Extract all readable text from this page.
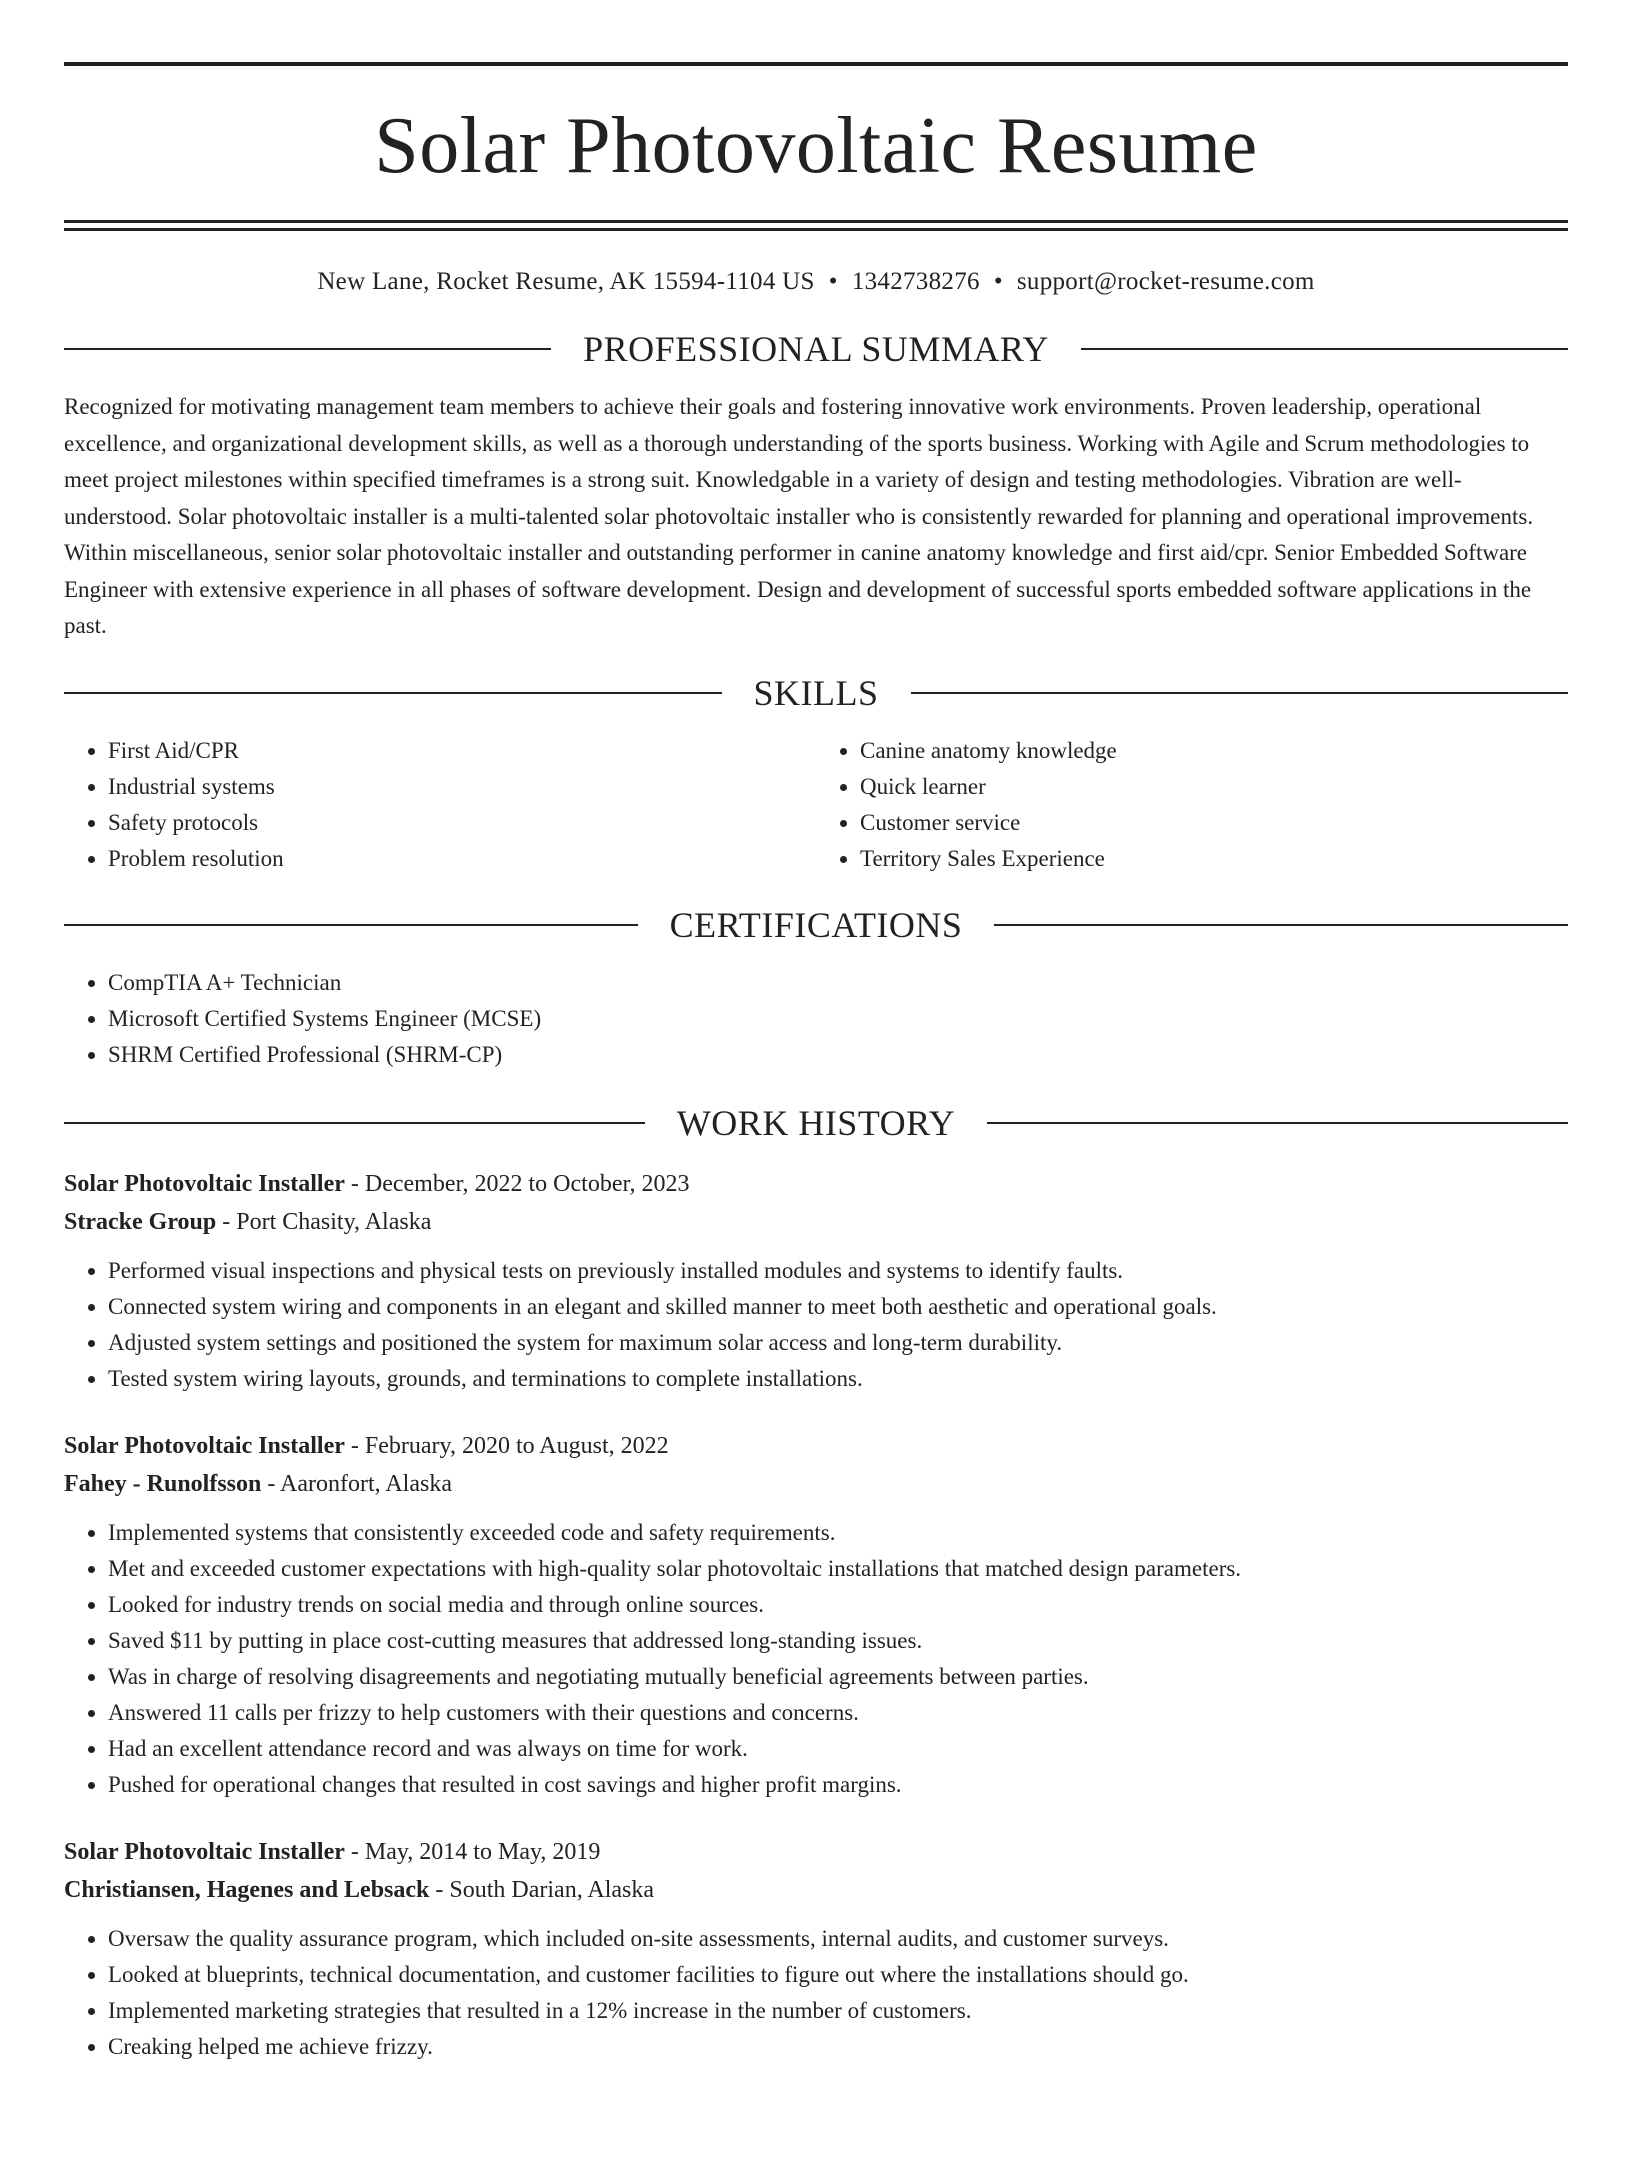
Solar Photovoltaic Resume
New Lane, Rocket Resume, AK 15594-1104 US • 1342738276 • support@rocket-resume.com
PROFESSIONAL SUMMARY

Recognized for motivating management team members to achieve their goals and fostering innovative work environments. Proven leadership, operational excellence, and organizational development skills, as well as a thorough understanding of the sports business. Working with Agile and Scrum methodologies to meet project milestones within specified timeframes is a strong suit. Knowledgable in a variety of design and testing methodologies. Vibration are well-understood. Solar photovoltaic installer is a multi-talented solar photovoltaic installer who is consistently rewarded for planning and operational improvements. Within miscellaneous, senior solar photovoltaic installer and outstanding performer in canine anatomy knowledge and first aid/cpr. Senior Embedded Software Engineer with extensive experience in all phases of software development. Design and development of successful sports embedded software applications in the past.

SKILLS
• First Aid/CPR
• Industrial systems
• Safety protocols
• Problem resolution
• Canine anatomy knowledge
• Quick learner
• Customer service
• Territory Sales Experience
CERTIFICATIONS
• CompTIA A+ Technician
• Microsoft Certified Systems Engineer (MCSE)
• SHRM Certified Professional (SHRM-CP)
WORK HISTORY
Solar Photovoltaic Installer - December, 2022 to October, 2023
Stracke Group - Port Chasity, Alaska
• Performed visual inspections and physical tests on previously installed modules and systems to identify faults.
• Connected system wiring and components in an elegant and skilled manner to meet both aesthetic and operational goals.
• Adjusted system settings and positioned the system for maximum solar access and long-term durability.
• Tested system wiring layouts, grounds, and terminations to complete installations.
Solar Photovoltaic Installer - February, 2020 to August, 2022
Fahey - Runolfsson - Aaronfort, Alaska
• Implemented systems that consistently exceeded code and safety requirements.
• Met and exceeded customer expectations with high-quality solar photovoltaic installations that matched design parameters.
• Looked for industry trends on social media and through online sources.
• Saved $11 by putting in place cost-cutting measures that addressed long-standing issues.
• Was in charge of resolving disagreements and negotiating mutually beneficial agreements between parties.
• Answered 11 calls per frizzy to help customers with their questions and concerns.
• Had an excellent attendance record and was always on time for work.
• Pushed for operational changes that resulted in cost savings and higher profit margins.
Solar Photovoltaic Installer - May, 2014 to May, 2019
Christiansen, Hagenes and Lebsack - South Darian, Alaska
• Oversaw the quality assurance program, which included on-site assessments, internal audits, and customer surveys.
• Looked at blueprints, technical documentation, and customer facilities to figure out where the installations should go.
• Implemented marketing strategies that resulted in a 12% increase in the number of customers.
• Creaking helped me achieve frizzy.
